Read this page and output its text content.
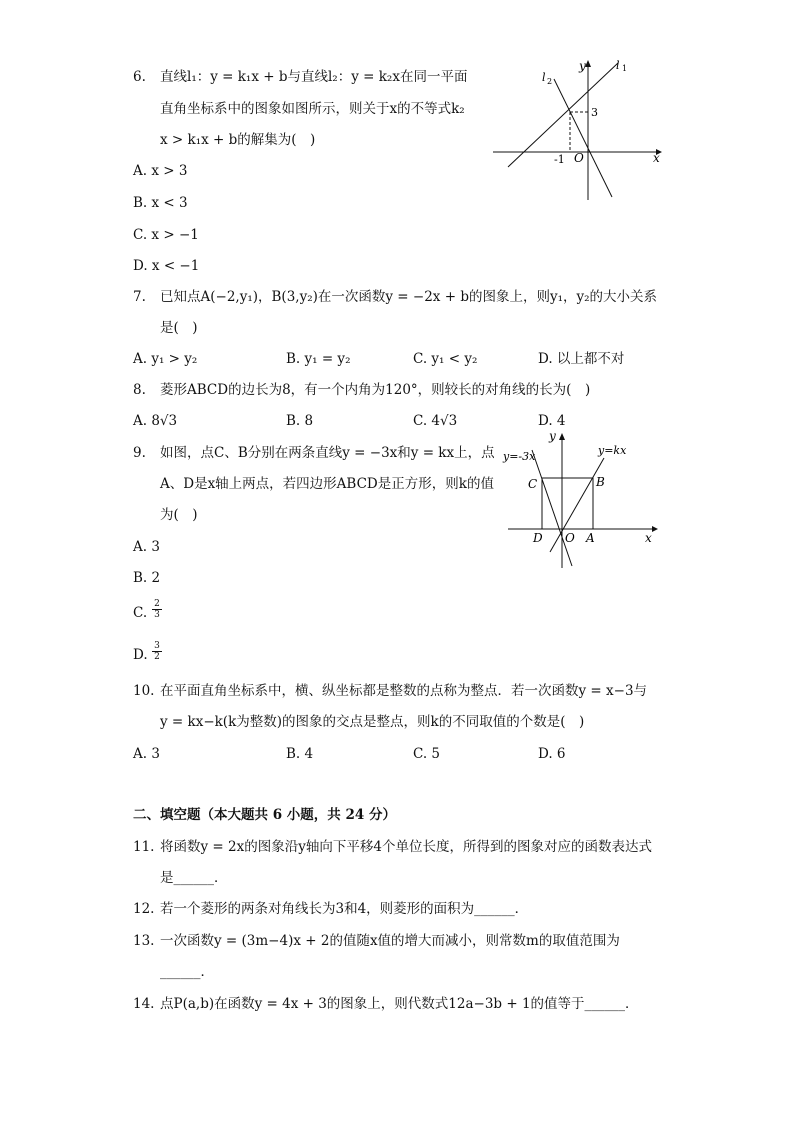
6. 直线l₁：y = k₁x + b与直线l₂：y = k₂x在同一平面
直角坐标系中的图象如图所示，则关于x的不等式k₂
x > k₁x + b的解集为(　)
A. x > 3
B. x < 3
C. x > −1
D. x < −1
l 1
l 2
y
x
O
-1
3
7. 已知点A(−2,y₁)，B(3,y₂)在一次函数y = −2x + b的图象上，则y₁，y₂的大小关系
是(　)
A. y₁ > y₂	B. y₁ = y₂	C. y₁ < y₂	D. 以上都不对
8. 菱形ABCD的边长为8，有一个内角为120°，则较长的对角线的长为(　)
A. 8√3	B. 8	C. 4√3	D. 4
9. 如图，点C、B分别在两条直线y = −3x和y = kx上，点
A、D是x轴上两点，若四边形ABCD是正方形，则k的值
为(　)
A. 3
B. 2
C.
2
3
D.
3
2
y=-3x	y=kx
y
x
C	B
D O A
10. 在平面直角坐标系中，横、纵坐标都是整数的点称为整点．若一次函数y = x−3与
y = kx−k(k为整数)的图象的交点是整点，则k的不同取值的个数是(　)
A. 3	B. 4	C. 5	D. 6
二、填空题（本大题共 6 小题，共 24 分）
11. 将函数y = 2x的图象沿y轴向下平移4个单位长度，所得到的图象对应的函数表达式
是______．
12. 若一个菱形的两条对角线长为3和4，则菱形的面积为______．
13. 一次函数y = (3m−4)x + 2的值随x值的增大而减小，则常数m的取值范围为
______．
14. 点P(a,b)在函数y = 4x + 3的图象上，则代数式12a−3b + 1的值等于______．
